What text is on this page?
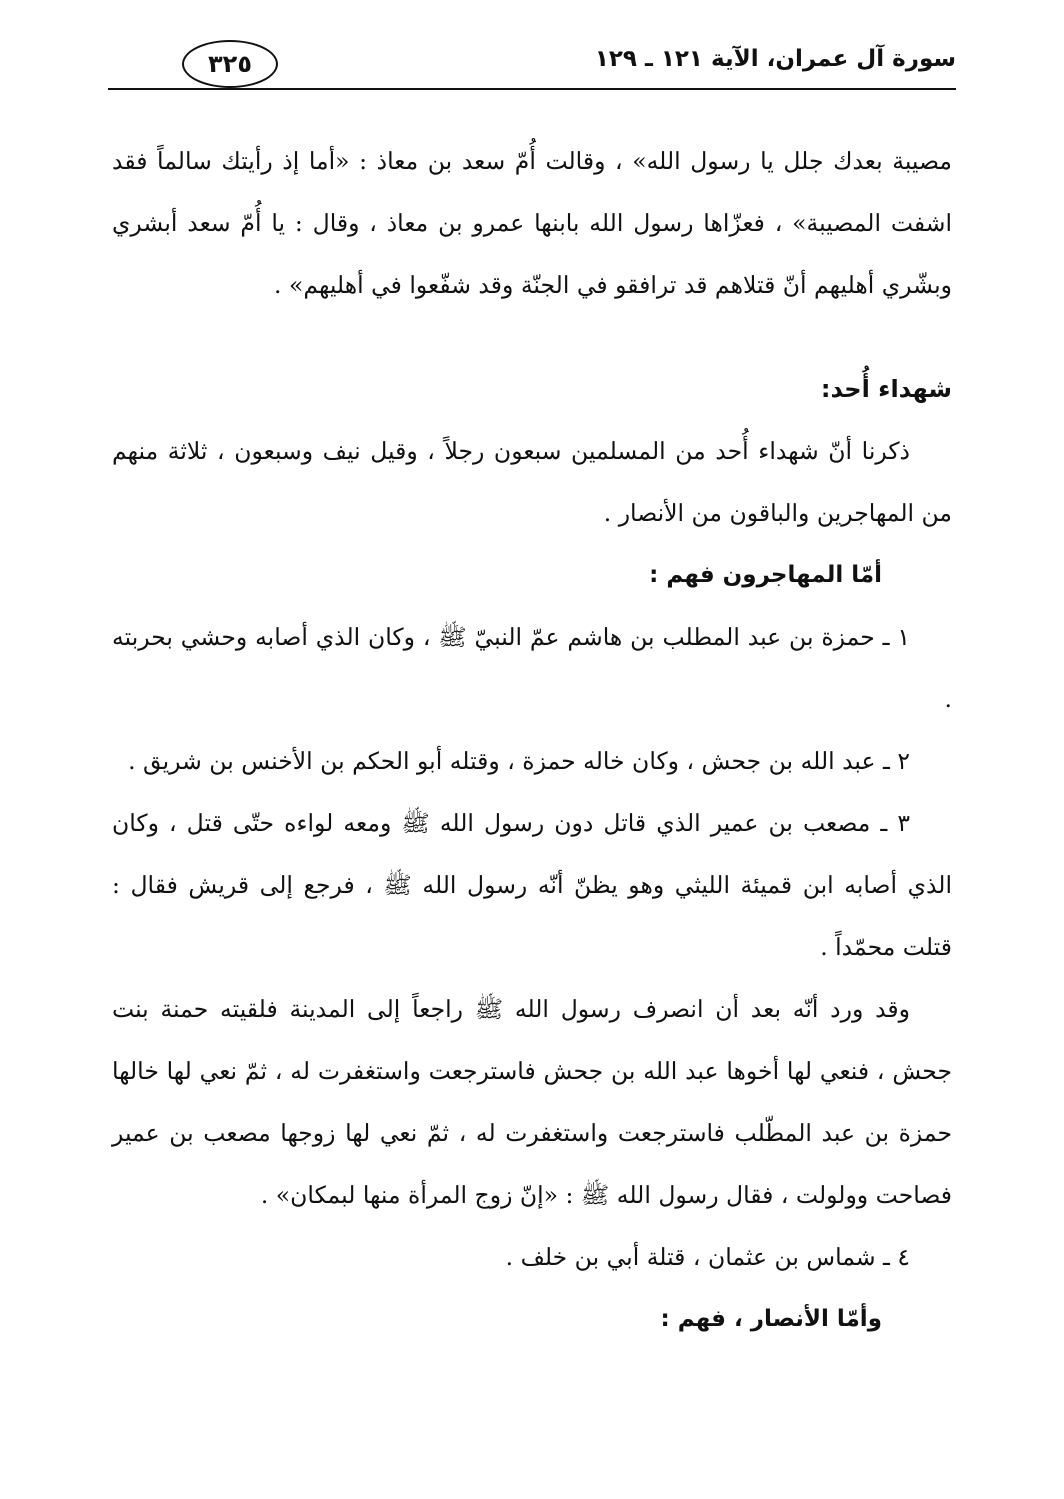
سورة آل عمران، الآية ١٢١ ـ ١٢٩
٣٢٥

مصيبة بعدك جلل يا رسول الله» ، وقالت أُمّ سعد بن معاذ : «أما إذ رأيتك سالماً فقد اشفت المصيبة» ، فعزّاها رسول الله بابنها عمرو بن معاذ ، وقال : يا أُمّ سعد أبشري وبشّري أهليهم أنّ قتلاهم قد ترافقو في الجنّة وقد شفّعوا في أهليهم» .

شهداء أُحد:

ذكرنا أنّ شهداء أُحد من المسلمين سبعون رجلاً ، وقيل نيف وسبعون ، ثلاثة منهم من المهاجرين والباقون من الأنصار .

أمّا المهاجرون فهم :

١ ـ حمزة بن عبد المطلب بن هاشم عمّ النبيّ ﷺ ، وكان الذي أصابه وحشي بحربته .

٢ ـ عبد الله بن جحش ، وكان خاله حمزة ، وقتله أبو الحكم بن الأخنس بن شريق .

٣ ـ مصعب بن عمير الذي قاتل دون رسول الله ﷺ ومعه لواءه حتّى قتل ، وكان الذي أصابه ابن قميئة الليثي وهو يظنّ أنّه رسول الله ﷺ ، فرجع إلى قريش فقال : قتلت محمّداً .

وقد ورد أنّه بعد أن انصرف رسول الله ﷺ راجعاً إلى المدينة فلقيته حمنة بنت جحش ، فنعي لها أخوها عبد الله بن جحش فاسترجعت واستغفرت له ، ثمّ نعي لها خالها حمزة بن عبد المطّلب فاسترجعت واستغفرت له ، ثمّ نعي لها زوجها مصعب بن عمير فصاحت وولولت ، فقال رسول الله ﷺ : «إنّ زوج المرأة منها لبمكان» .

٤ ـ شماس بن عثمان ، قتلة أبي بن خلف .

وأمّا الأنصار ، فهم :
